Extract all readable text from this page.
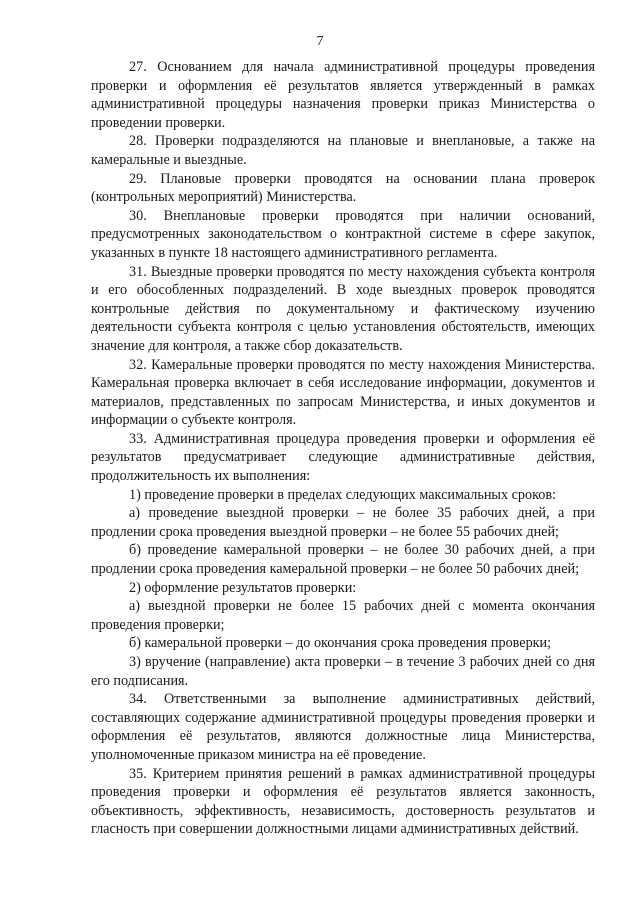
7

27. Основанием для начала административной процедуры проведения проверки и оформления её результатов является утвержденный в рамках административной процедуры назначения проверки приказ Министерства о проведении проверки.

28. Проверки подразделяются на плановые и внеплановые, а также на камеральные и выездные.

29. Плановые проверки проводятся на основании плана проверок (контрольных мероприятий) Министерства.

30. Внеплановые проверки проводятся при наличии оснований, предусмотренных законодательством о контрактной системе в сфере закупок, указанных в пункте 18 настоящего административного регламента.

31. Выездные проверки проводятся по месту нахождения субъекта контроля и его обособленных подразделений. В ходе выездных проверок проводятся контрольные действия по документальному и фактическому изучению деятельности субъекта контроля с целью установления обстоятельств, имеющих значение для контроля, а также сбор доказательств.

32. Камеральные проверки проводятся по месту нахождения Министерства. Камеральная проверка включает в себя исследование информации, документов и материалов, представленных по запросам Министерства, и иных документов и информации о субъекте контроля.

33. Административная процедура проведения проверки и оформления её результатов предусматривает следующие административные действия, продолжительность их выполнения:

1) проведение проверки в пределах следующих максимальных сроков:

а) проведение выездной проверки – не более 35 рабочих дней, а при продлении срока проведения выездной проверки – не более 55 рабочих дней;

б) проведение камеральной проверки – не более 30 рабочих дней, а при продлении срока проведения камеральной проверки – не более 50 рабочих дней;

2) оформление результатов проверки:

а) выездной проверки не более 15 рабочих дней с момента окончания проведения проверки;

б) камеральной проверки – до окончания срока проведения проверки;

3) вручение (направление) акта проверки – в течение 3 рабочих дней со дня его подписания.

34. Ответственными за выполнение административных действий, составляющих содержание административной процедуры проведения проверки и оформления её результатов, являются должностные лица Министерства, уполномоченные приказом министра на её проведение.

35. Критерием принятия решений в рамках административной процедуры проведения проверки и оформления её результатов является законность, объективность, эффективность, независимость, достоверность результатов и гласность при совершении должностными лицами административных действий.
